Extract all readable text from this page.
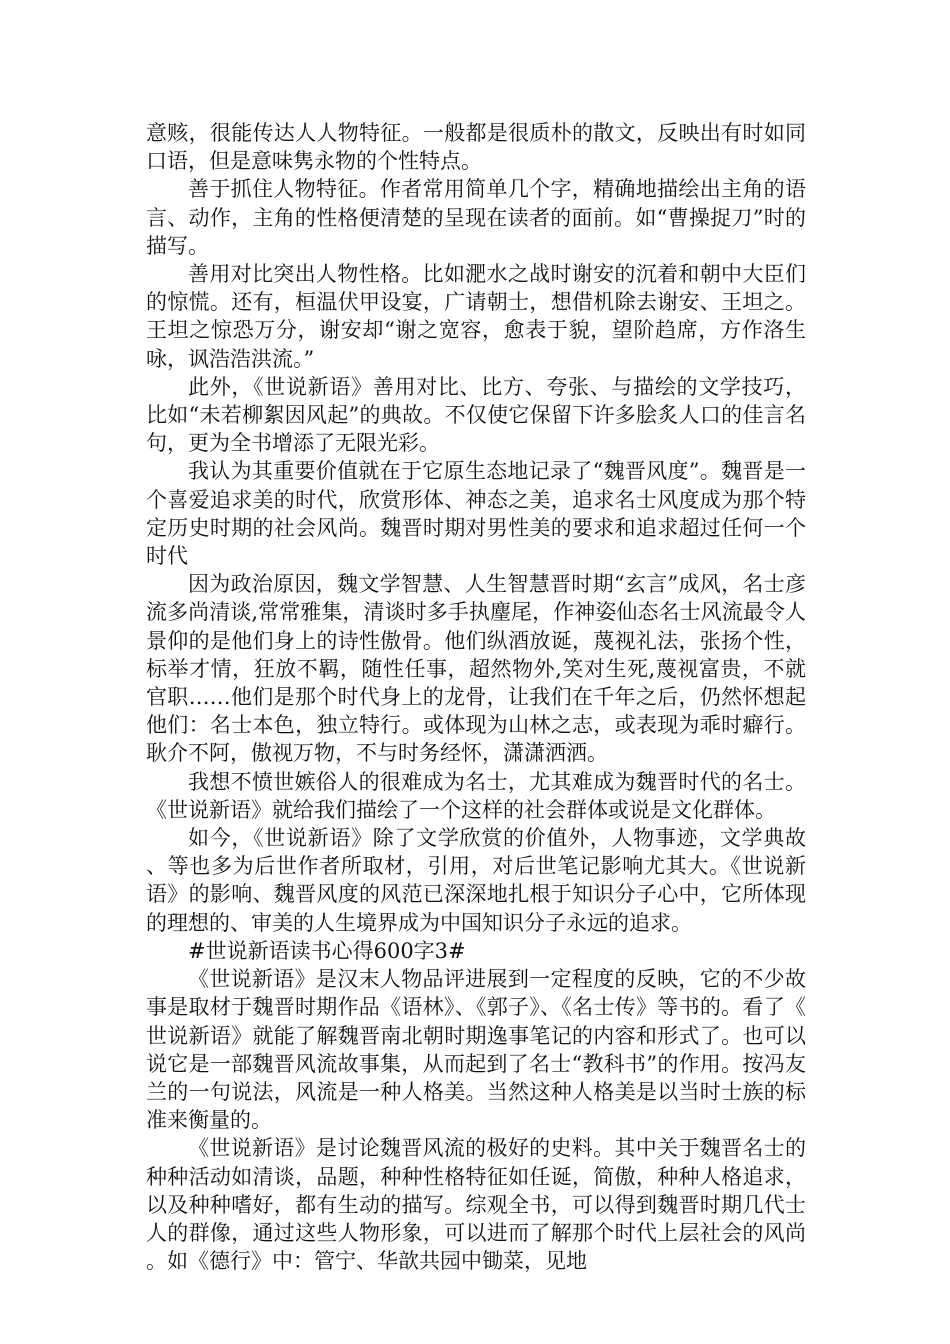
意赅，很能传达人人物特征。一般都是很质朴的散文，反映出有时如同口语，但是意味隽永物的个性特点。

善于抓住人物特征。作者常用简单几个字，精确地描绘出主角的语言、动作，主角的性格便清楚的呈现在读者的面前。如“曹操捉刀”时的描写。

善用对比突出人物性格。比如淝水之战时谢安的沉着和朝中大臣们的惊慌。还有，桓温伏甲设宴，广请朝士，想借机除去谢安、王坦之。王坦之惊恐万分，谢安却“谢之宽容，愈表于貌，望阶趋席，方作洛生咏，讽浩浩洪流。”

此外，《世说新语》善用对比、比方、夸张、与描绘的文学技巧，比如“未若柳絮因风起”的典故。不仅使它保留下许多脍炙人口的佳言名句，更为全书增添了无限光彩。

我认为其重要价值就在于它原生态地记录了“魏晋风度”。魏晋是一个喜爱追求美的时代，欣赏形体、神态之美，追求名士风度成为那个特定历史时期的社会风尚。魏晋时期对男性美的要求和追求超过任何一个时代

因为政治原因，魏文学智慧、人生智慧晋时期“玄言”成风，名士彦流多尚清谈,常常雅集，清谈时多手执麈尾，作神姿仙态名士风流最令人景仰的是他们身上的诗性傲骨。他们纵酒放诞，蔑视礼法，张扬个性，标举才情，狂放不羁，随性任事，超然物外,笑对生死,蔑视富贵，不就官职……他们是那个时代身上的龙骨，让我们在千年之后，仍然怀想起他们：名士本色，独立特行。或体现为山林之志，或表现为乖时癖行。耿介不阿，傲视万物，不与时务经怀，潇潇洒洒。

我想不愤世嫉俗人的很难成为名士，尤其难成为魏晋时代的名士。《世说新语》就给我们描绘了一个这样的社会群体或说是文化群体。

如今，《世说新语》除了文学欣赏的价值外，人物事迹，文学典故、等也多为后世作者所取材，引用，对后世笔记影响尤其大。《世说新语》的影响、魏晋风度的风范已深深地扎根于知识分子心中，它所体现的理想的、审美的人生境界成为中国知识分子永远的追求。

#世说新语读书心得600字3#

《世说新语》是汉末人物品评进展到一定程度的反映，它的不少故事是取材于魏晋时期作品《语林》、《郭子》、《名士传》等书的。看了《世说新语》就能了解魏晋南北朝时期逸事笔记的内容和形式了。也可以说它是一部魏晋风流故事集，从而起到了名士“教科书”的作用。按冯友兰的一句说法，风流是一种人格美。当然这种人格美是以当时士族的标准来衡量的。

《世说新语》是讨论魏晋风流的极好的史料。其中关于魏晋名士的种种活动如清谈，品题，种种性格特征如任诞，简傲，种种人格追求，以及种种嗜好，都有生动的描写。综观全书，可以得到魏晋时期几代士人的群像，通过这些人物形象，可以进而了解那个时代上层社会的风尚。如《德行》中：管宁、华歆共园中锄菜，见地
